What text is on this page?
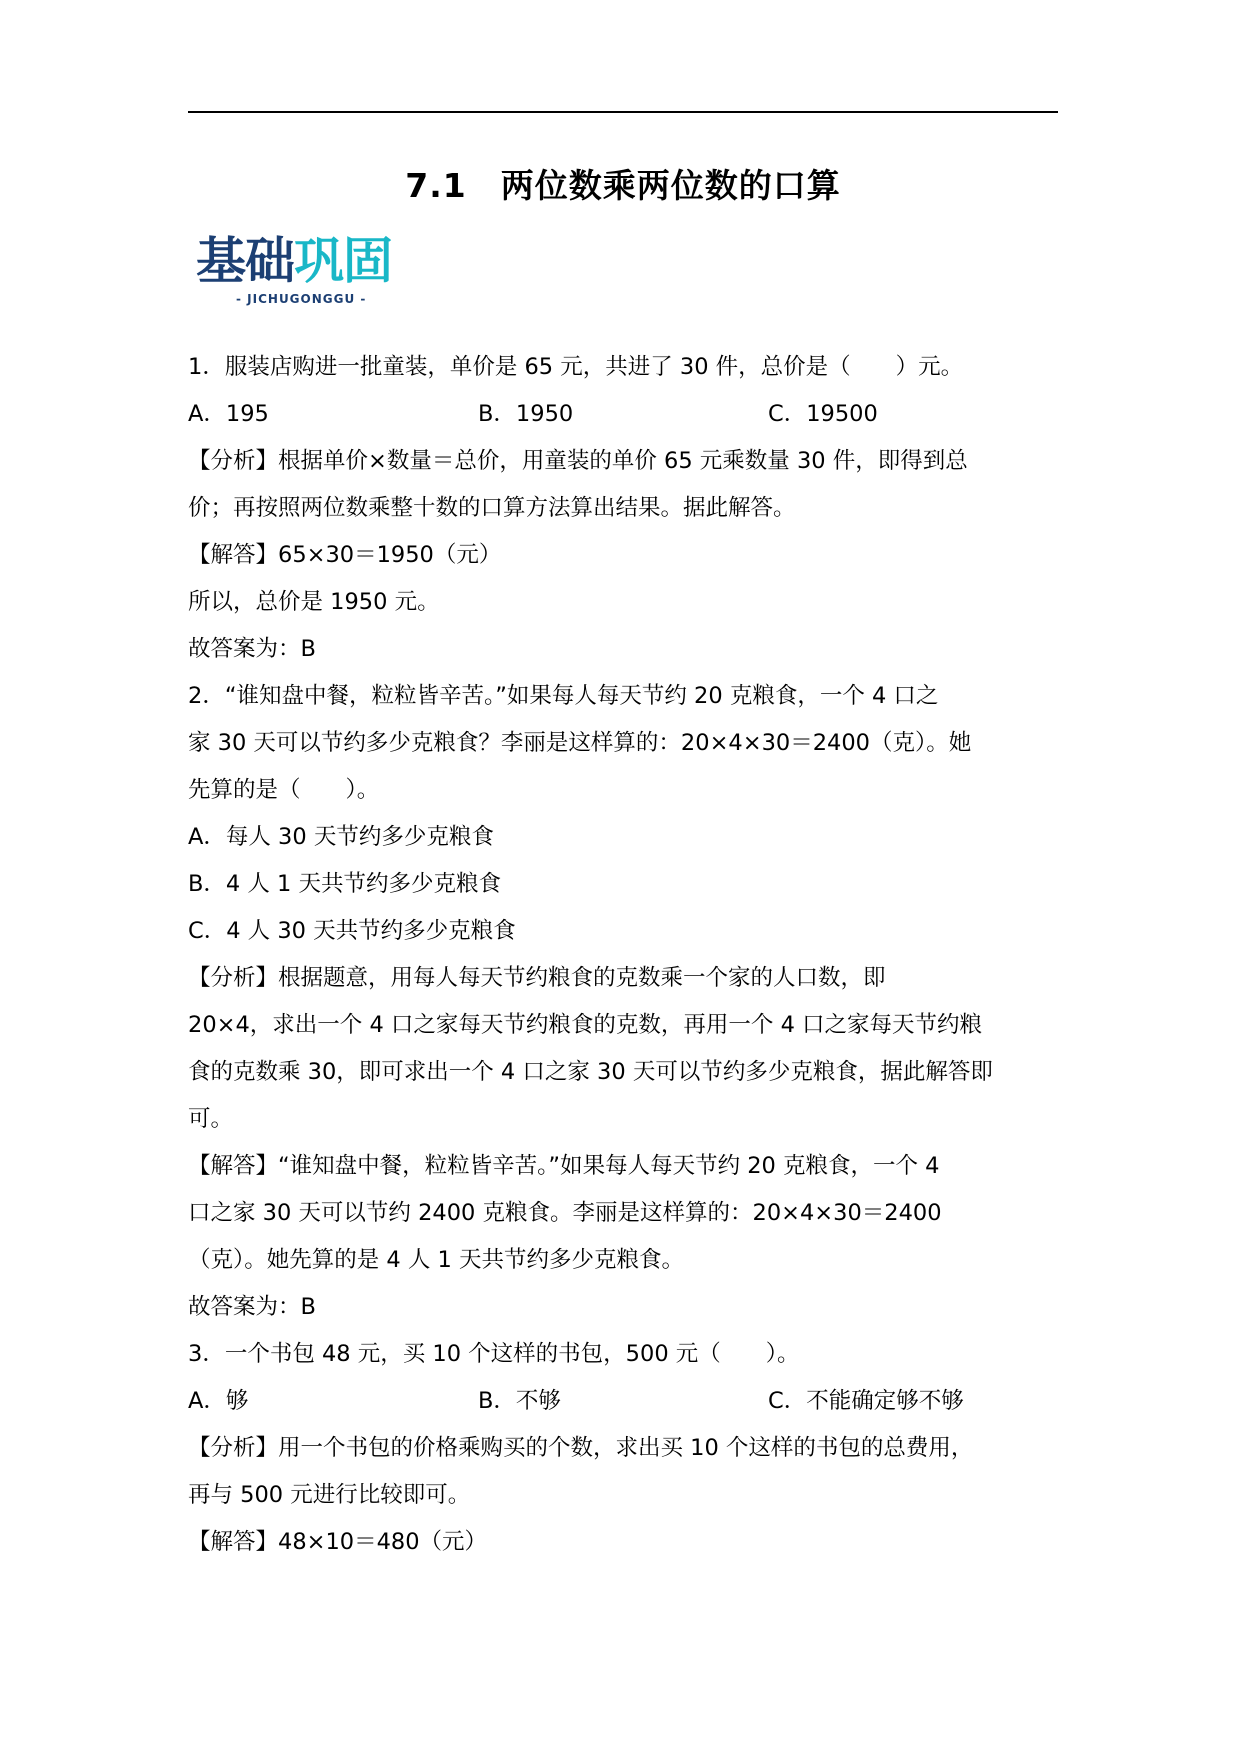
7.1　两位数乘两位数的口算
基础巩固
- JICHUGONGGU -

1．服装店购进一批童装，单价是 65 元，共进了 30 件，总价是（　　）元。

A．195	B．1950	C．19500

【分析】根据单价×数量＝总价，用童装的单价 65 元乘数量 30 件，即得到总

价；再按照两位数乘整十数的口算方法算出结果。据此解答。

【解答】65×30＝1950（元）

所以，总价是 1950 元。

故答案为：B

2．“谁知盘中餐，粒粒皆辛苦。”如果每人每天节约 20 克粮食，一个 4 口之

家 30 天可以节约多少克粮食？李丽是这样算的：20×4×30＝2400（克）。她

先算的是（　　）。

A．每人 30 天节约多少克粮食

B．4 人 1 天共节约多少克粮食

C．4 人 30 天共节约多少克粮食

【分析】根据题意，用每人每天节约粮食的克数乘一个家的人口数，即

20×4，求出一个 4 口之家每天节约粮食的克数，再用一个 4 口之家每天节约粮

食的克数乘 30，即可求出一个 4 口之家 30 天可以节约多少克粮食，据此解答即

可。

【解答】“谁知盘中餐，粒粒皆辛苦。”如果每人每天节约 20 克粮食，一个 4

口之家 30 天可以节约 2400 克粮食。李丽是这样算的：20×4×30＝2400

（克）。她先算的是 4 人 1 天共节约多少克粮食。

故答案为：B

3．一个书包 48 元，买 10 个这样的书包，500 元（　　）。

A．够	B．不够	C．不能确定够不够

【分析】用一个书包的价格乘购买的个数，求出买 10 个这样的书包的总费用，

再与 500 元进行比较即可。

【解答】48×10＝480（元）
